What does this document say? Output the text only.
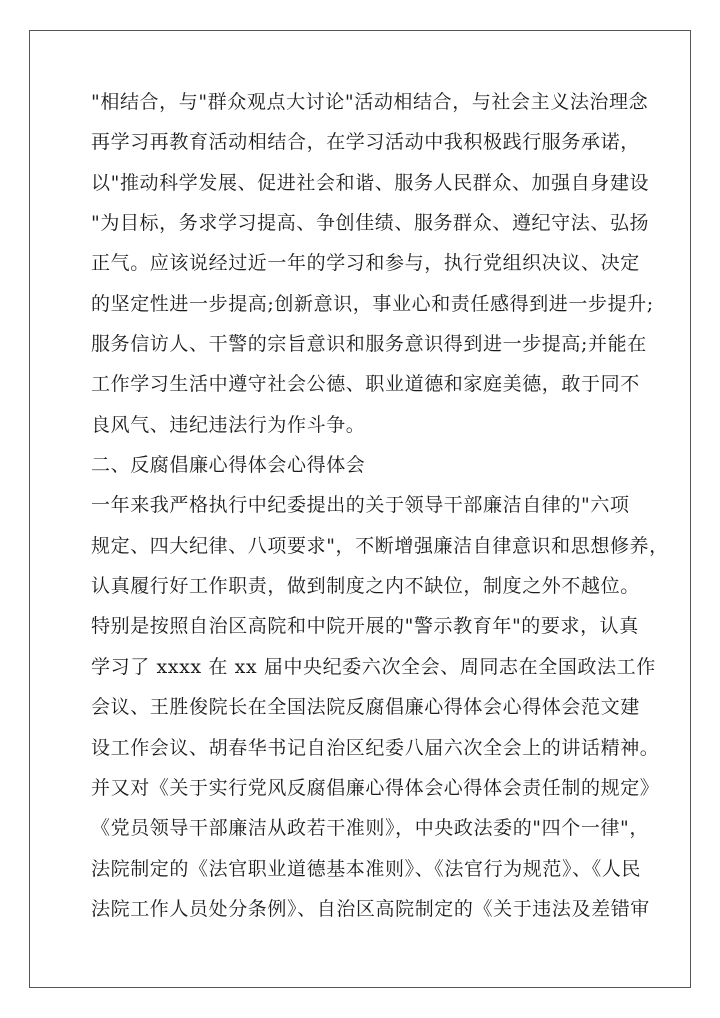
"相结合，与"群众观点大讨论"活动相结合，与社会主义法治理念
再学习再教育活动相结合，在学习活动中我积极践行服务承诺，
以"推动科学发展、促进社会和谐、服务人民群众、加强自身建设
"为目标，务求学习提高、争创佳绩、服务群众、遵纪守法、弘扬
正气。应该说经过近一年的学习和参与，执行党组织决议、决定
的坚定性进一步提高;创新意识，事业心和责任感得到进一步提升;
服务信访人、干警的宗旨意识和服务意识得到进一步提高;并能在
工作学习生活中遵守社会公德、职业道德和家庭美德，敢于同不
良风气、违纪违法行为作斗争。
二、反腐倡廉心得体会心得体会
一年来我严格执行中纪委提出的关于领导干部廉洁自律的"六项
规定、四大纪律、八项要求"，不断增强廉洁自律意识和思想修养，
认真履行好工作职责，做到制度之内不缺位，制度之外不越位。
特别是按照自治区高院和中院开展的"警示教育年"的要求，认真
学习了 xxxx 在 xx 届中央纪委六次全会、周同志在全国政法工作
会议、王胜俊院长在全国法院反腐倡廉心得体会心得体会范文建
设工作会议、胡春华书记自治区纪委八届六次全会上的讲话精神。
并又对《关于实行党风反腐倡廉心得体会心得体会责任制的规定》
《党员领导干部廉洁从政若干准则》，中央政法委的"四个一律"，
法院制定的《法官职业道德基本准则》、《法官行为规范》、《人民
法院工作人员处分条例》、自治区高院制定的《关于违法及差错审
